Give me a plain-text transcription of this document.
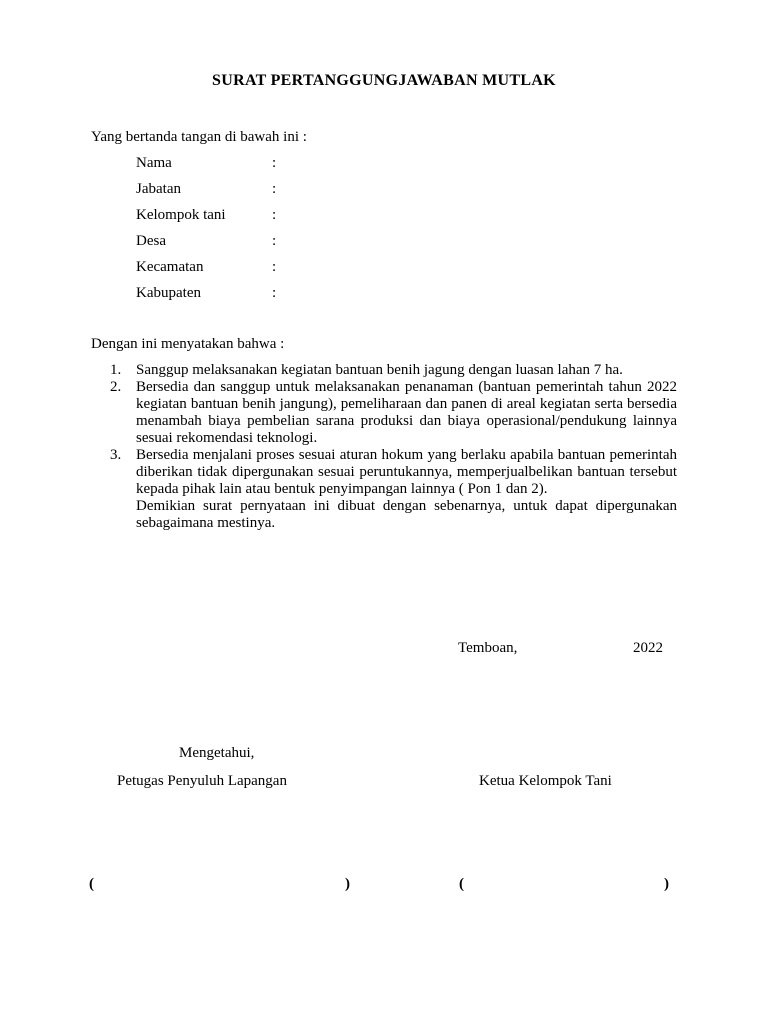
SURAT PERTANGGUNGJAWABAN MUTLAK
Yang bertanda tangan di bawah ini :
Nama	:
Jabatan	:
Kelompok tani	:
Desa	:
Kecamatan	:
Kabupaten	:
Dengan ini menyatakan bahwa :
1. Sanggup melaksanakan kegiatan bantuan benih jagung dengan luasan lahan 7 ha.
2. Bersedia dan sanggup untuk melaksanakan penanaman (bantuan pemerintah tahun 2022 kegiatan bantuan benih jangung), pemeliharaan dan panen di areal kegiatan serta bersedia menambah biaya pembelian sarana produksi dan biaya operasional/pendukung lainnya sesuai rekomendasi teknologi.
3. Bersedia menjalani proses sesuai aturan hokum yang berlaku apabila bantuan pemerintah diberikan tidak dipergunakan sesuai peruntukannya, memperjualbelikan bantuan tersebut kepada pihak lain atau bentuk penyimpangan lainnya ( Pon 1 dan 2).
Demikian surat pernyataan ini dibuat dengan sebenarnya, untuk dapat dipergunakan sebagaimana mestinya.
Temboan,	2022
Mengetahui,
Petugas Penyuluh Lapangan	Ketua Kelompok Tani
(	)	(	)
